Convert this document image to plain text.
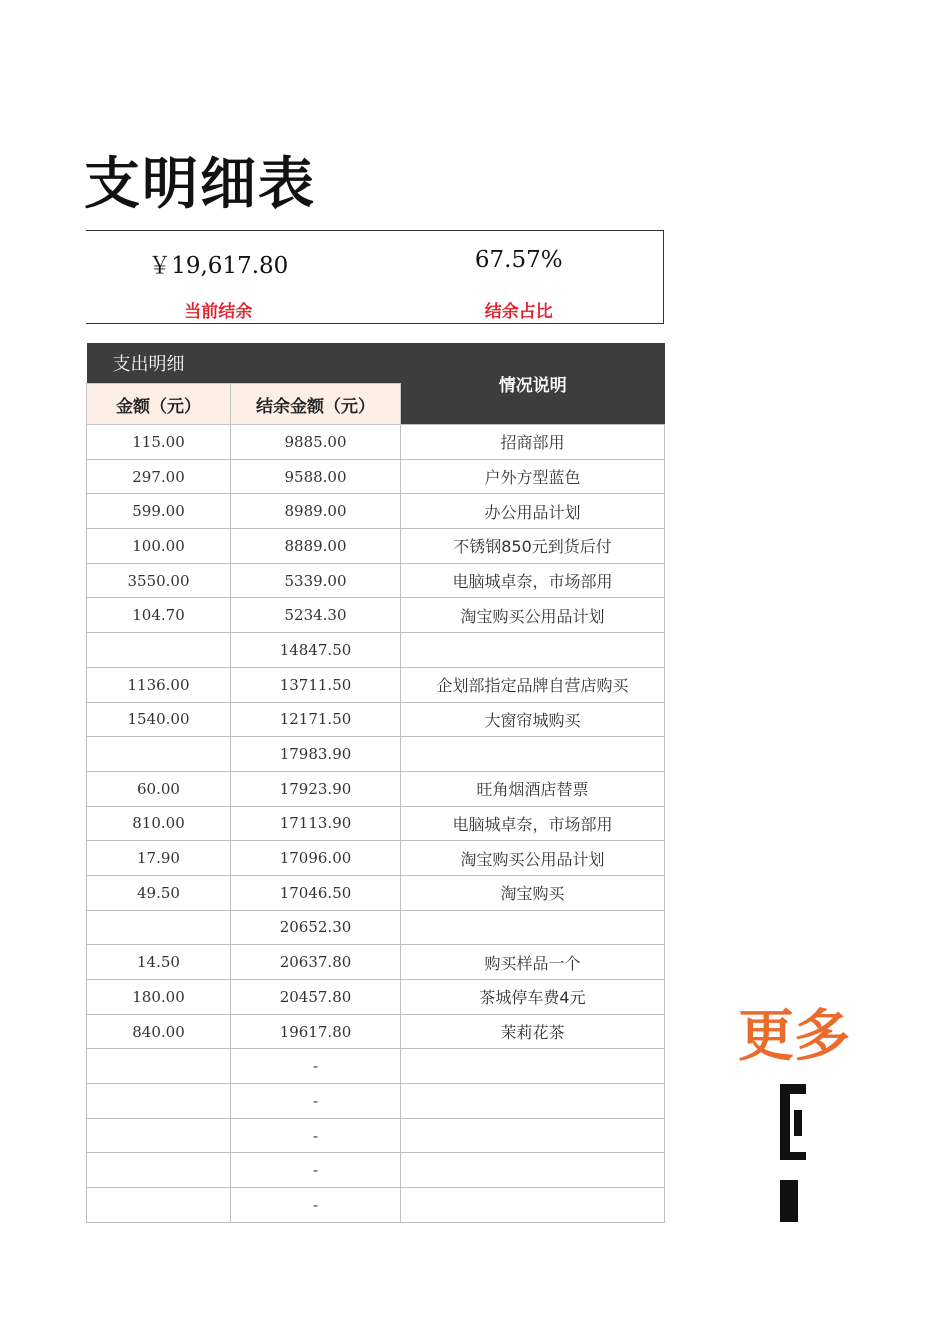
支明细表
￥19,617.80
当前结余
67.57%
结余占比
支出明细		情况说明
金额（元）	结余金额（元）	
115.00	9885.00	招商部用
297.00	9588.00	户外方型蓝色
599.00	8989.00	办公用品计划
100.00	8889.00	不锈钢850元到货后付
3550.00	5339.00	电脑城卓奈，市场部用
104.70	5234.30	淘宝购买公用品计划
	14847.50	
1136.00	13711.50	企划部指定品牌自营店购买
1540.00	12171.50	大窗帘城购买
	17983.90	
60.00	17923.90	旺角烟酒店替票
810.00	17113.90	电脑城卓奈，市场部用
17.90	17096.00	淘宝购买公用品计划
49.50	17046.50	淘宝购买
	20652.30	
14.50	20637.80	购买样品一个
180.00	20457.80	茶城停车费4元
840.00	19617.80	茉莉花茶
	-	
	-	
	-	
	-	
	-	
更多
